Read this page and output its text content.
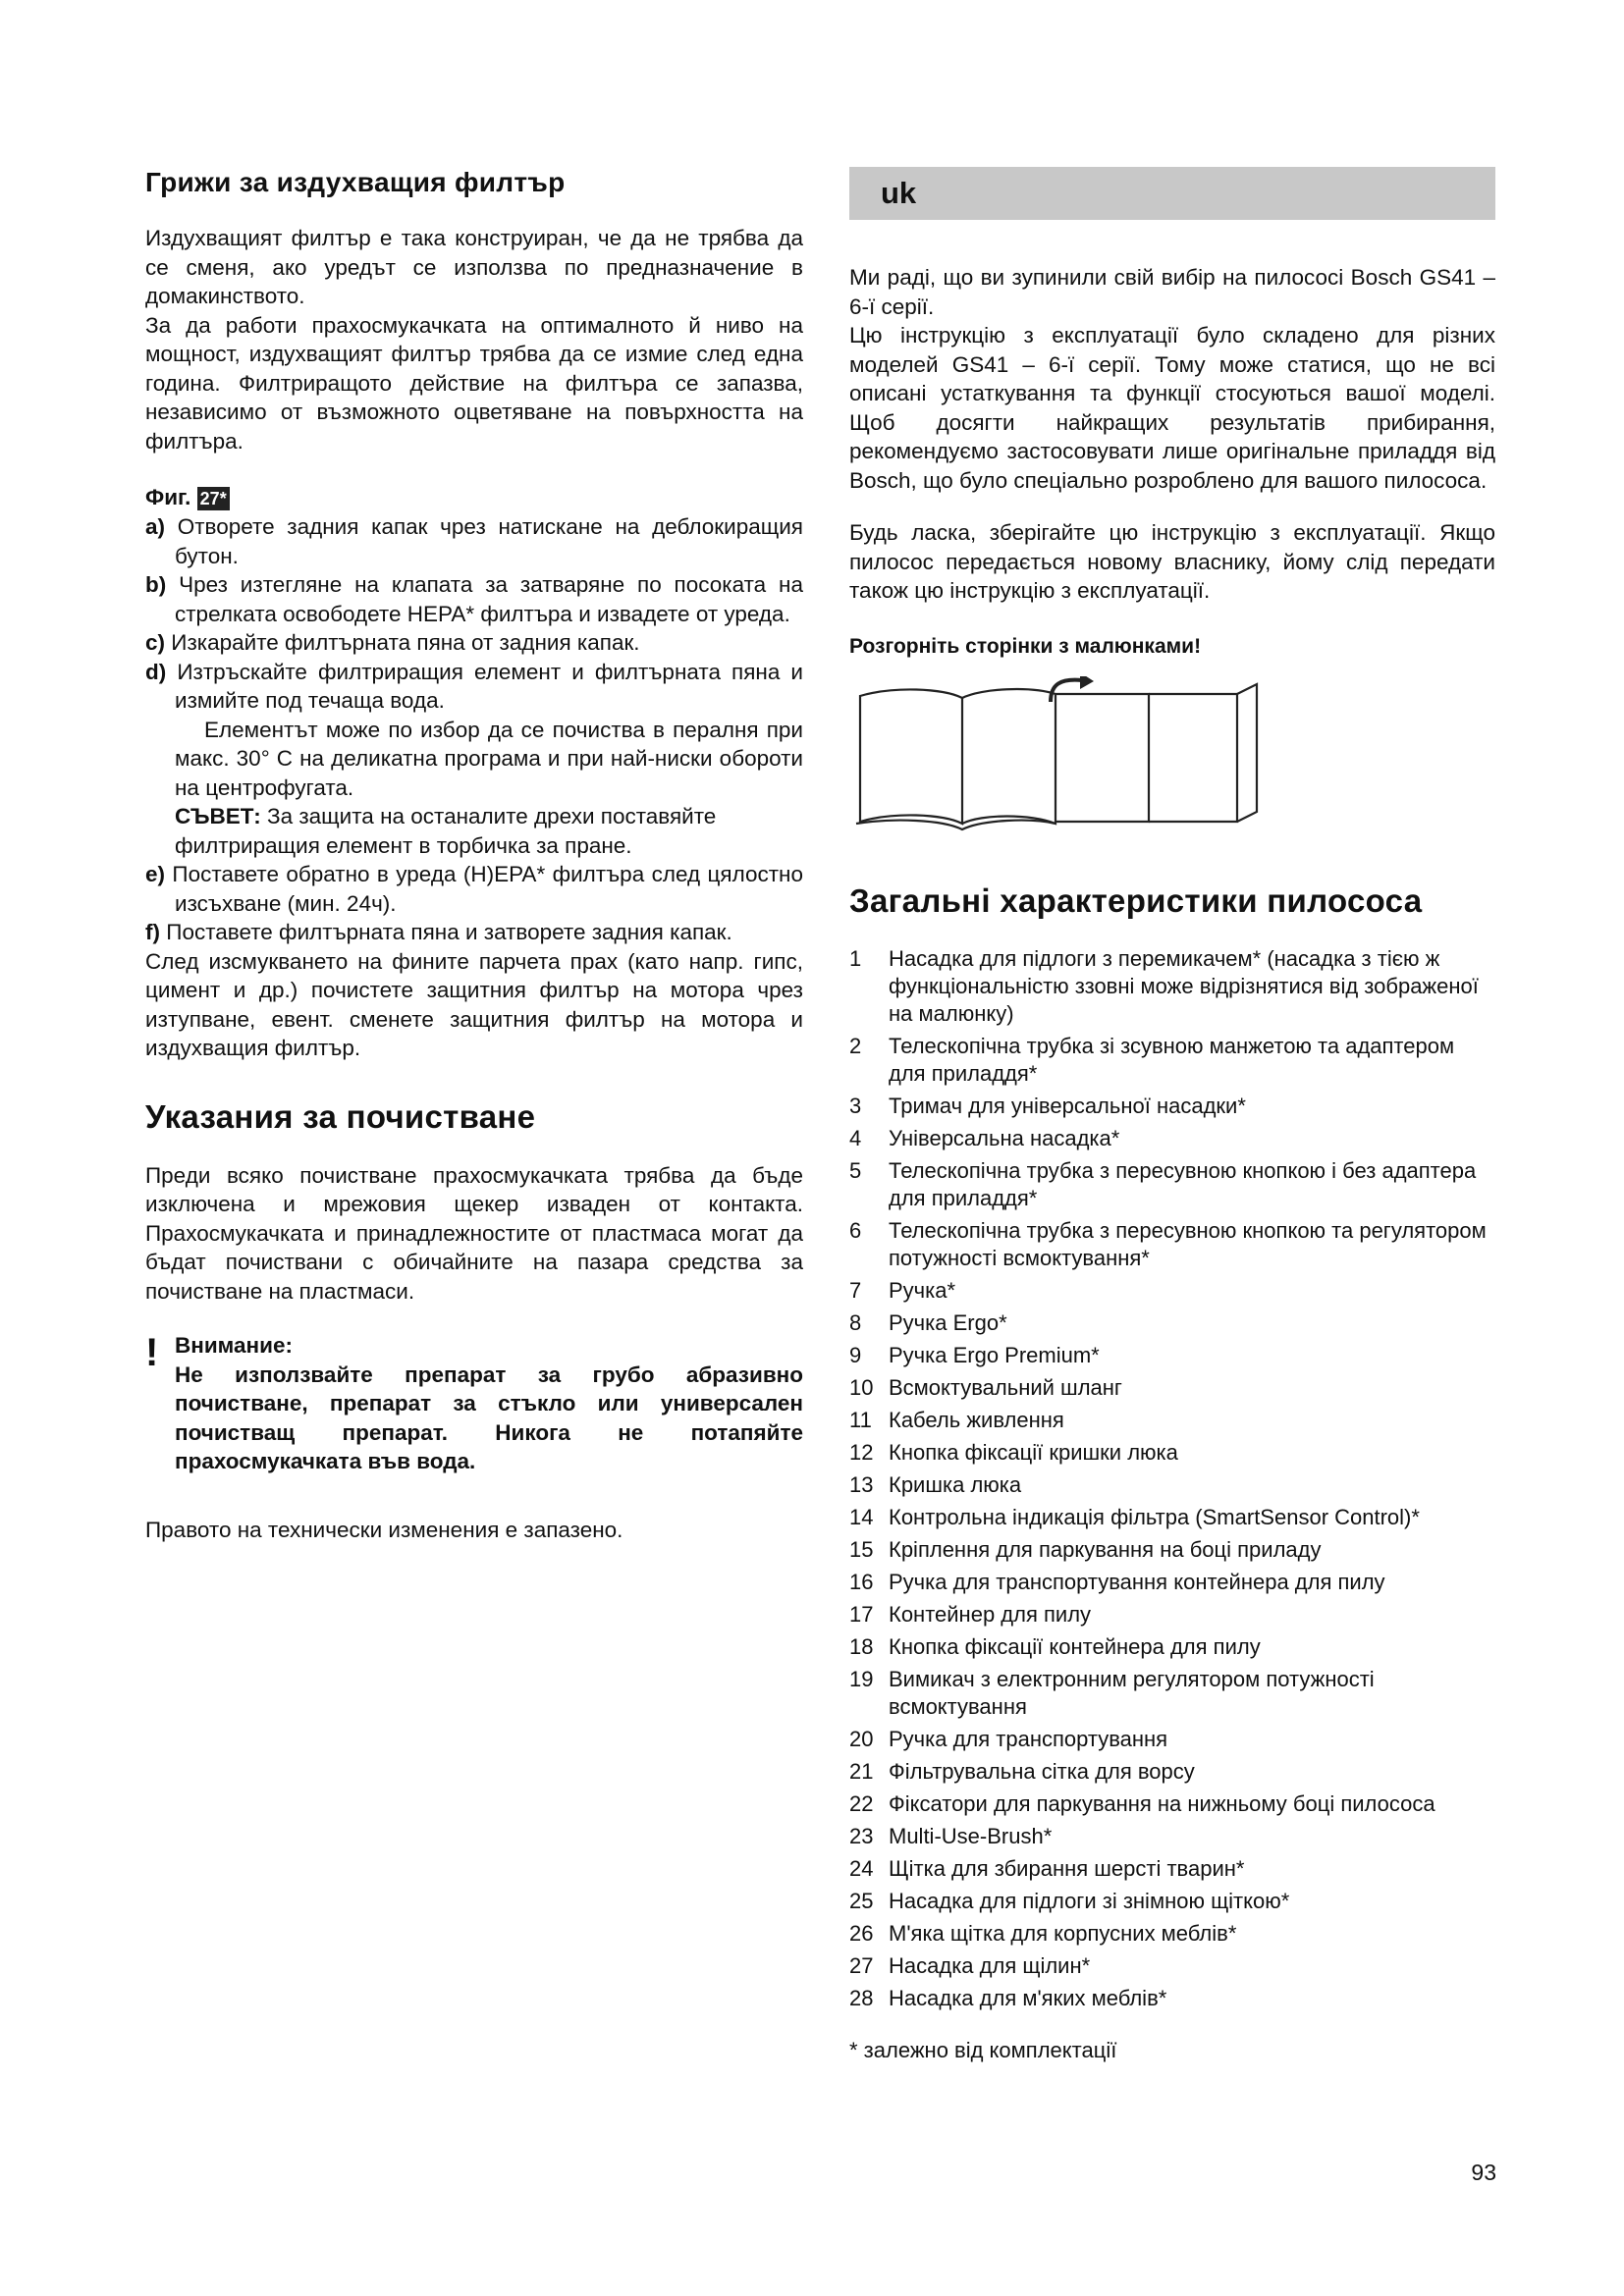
Грижи за издухващия филтър

Издухващият филтър е така конструиран, че да не трябва да се сменя, ако уредът се използва по предназначение в домакинството.

За да работи прахосмукачката на оптималното й ниво на мощност, издухващият филтър трябва да се измие след една година. Филтриращото действие на филтъра се запазва, независимо от възможното оцветяване на повърхността на филтъра.

Фиг. 27*
a) Отворете задния капак чрез натискане на деблокиращия бутон.
b) Чрез изтегляне на клапата за затваряне по посоката на стрелката освободете HEPA* филтъра и извадете от уреда.
c) Изкарайте филтърната пяна от задния капак.
d) Изтръскайте филтриращия елемент и филтърната пяна и измийте под течаща вода.
Елементът може по избор да се почиства в пералня при макс. 30° С на деликатна програма и при най-ниски обороти на центрофугата.
СЪВЕТ: За защита на останалите дрехи поставяйте филтриращия елемент в торбичка за пране.
e) Поставете обратно в уреда (H)EPA* филтъра след цялостно изсъхване (мин. 24ч).
f) Поставете филтърната пяна и затворете задния капак.

След изсмукването на фините парчета прах (като напр. гипс, цимент и др.) почистете защитния филтър на мотора чрез изтупване, евент. сменете защитния филтър на мотора и издухващия филтър.

Указания за почистване

Преди всяко почистване прахосмукачката трябва да бъде изключена и мрежовия щекер изваден от контакта. Прахосмукачката и принадлежностите от пластмаса могат да бъдат почиствани с обичайните на пазара средства за почистване на пластмаси.

! Внимание:
Не използвайте препарат за грубо абразивно почистване, препарат за стъкло или универсален почистващ препарат. Никога не потапяйте прахосмукачката във вода.

Правото на технически изменения е запазено.

uk

Ми раді, що ви зупинили свій вибір на пилососі Bosch GS41 – 6-ї серії.

Цю інструкцію з експлуатації було складено для різних моделей GS41 – 6-ї серії. Тому може статися, що не всі описані устаткування та функції стосуються вашої моделі. Щоб досягти найкращих результатів прибирання, рекомендуємо застосовувати лише оригінальне приладдя від Bosch, що було спеціально розроблено для вашого пилососа.

Будь ласка, зберігайте цю інструкцію з експлуатації. Якщо пилосос передається новому власнику, йому слід передати також цю інструкцію з експлуатації.

Розгорніть сторінки з малюнками!
Загальні характеристики пилососа
1	Насадка для підлоги з перемикачем* (насадка з тією ж функціональністю ззовні може відрізнятися від зображеної на малюнку)
2	Телескопічна трубка зі зсувною манжетою та адаптером для приладдя*
3	Тримач для універсальної насадки*
4	Універсальна насадка*
5	Телескопічна трубка з пересувною кнопкою і без адаптера для приладдя*
6	Телескопічна трубка з пересувною кнопкою та регулятором потужності всмоктування*
7	Ручка*
8	Ручка Ergo*
9	Ручка Ergo Premium*
10 Всмоктувальний шланг
11 Кабель живлення
12 Кнопка фіксації кришки люка
13 Кришка люка
14 Контрольна індикація фільтра (SmartSensor Control)*
15 Кріплення для паркування на боці приладу
16 Ручка для транспортування контейнера для пилу
17 Контейнер для пилу
18 Кнопка фіксації контейнера для пилу
19 Вимикач з електронним регулятором потужності всмоктування
20 Ручка для транспортування
21 Фільтрувальна сітка для ворсу
22 Фіксатори для паркування на нижньому боці пилососа
23 Multi-Use-Brush*
24 Щітка для збирання шерсті тварин*
25 Насадка для підлоги зі знімною щіткою*
26 М'яка щітка для корпусних меблів*
27 Насадка для щілин*
28 Насадка для м'яких меблів*
* залежно від комплектації
93
